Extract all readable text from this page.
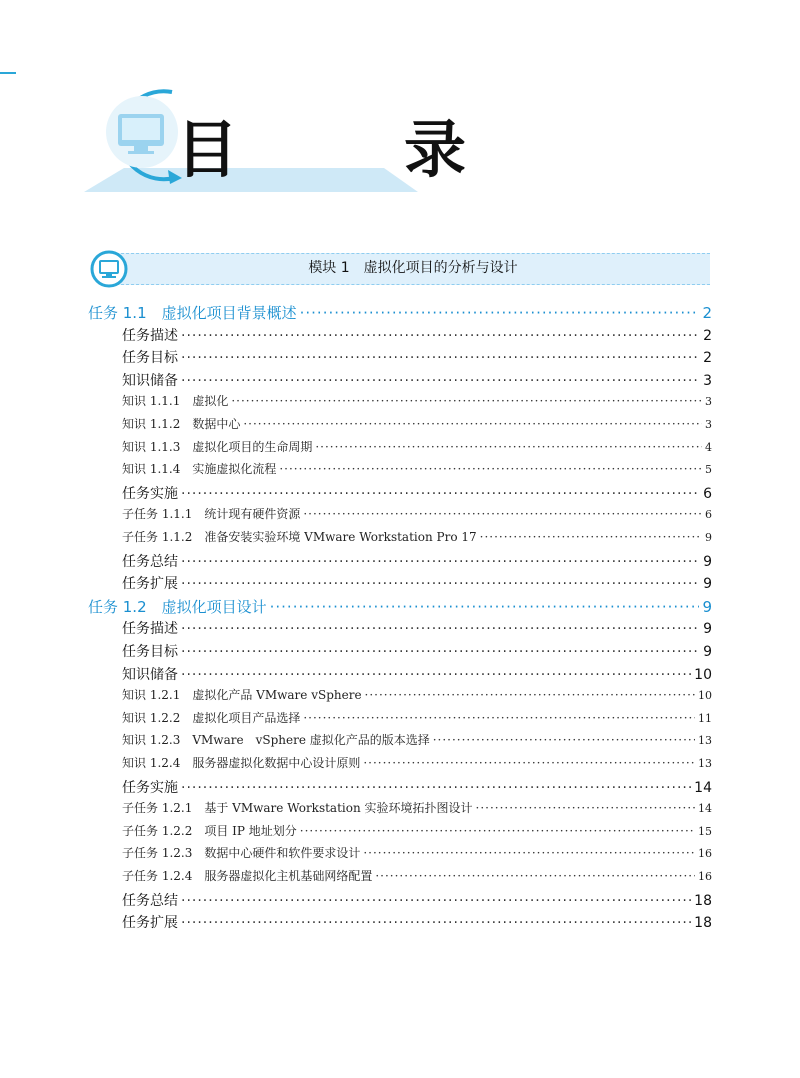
目　录
模块 1　虚拟化项目的分析与设计
任务 1.1　虚拟化项目背景概述 ·····	2
任务描述 ·····	2
任务目标 ·····	2
知识储备 ·····	3
知识 1.1.1　虚拟化 ·····	3
知识 1.1.2　数据中心 ·····	3
知识 1.1.3　虚拟化项目的生命周期 ·····	4
知识 1.1.4　实施虚拟化流程 ·····	5
任务实施 ·····	6
子任务 1.1.1　统计现有硬件资源 ·····	6
子任务 1.1.2　准备安装实验环境 VMware Workstation Pro 17 ·····	9
任务总结 ·····	9
任务扩展 ·····	9
任务 1.2　虚拟化项目设计 ·····	9
任务描述 ·····	9
任务目标 ·····	9
知识储备 ·····	10
知识 1.2.1　虚拟化产品 VMware vSphere ·····	10
知识 1.2.2　虚拟化项目产品选择 ·····	11
知识 1.2.3　VMware　vSphere 虚拟化产品的版本选择 ·····	13
知识 1.2.4　服务器虚拟化数据中心设计原则 ·····	13
任务实施 ·····	14
子任务 1.2.1　基于 VMware Workstation 实验环境拓扑图设计 ·····	14
子任务 1.2.2　项目 IP 地址划分 ·····	15
子任务 1.2.3　数据中心硬件和软件要求设计 ·····	16
子任务 1.2.4　服务器虚拟化主机基础网络配置 ·····	16
任务总结 ·····	18
任务扩展 ·····	18
